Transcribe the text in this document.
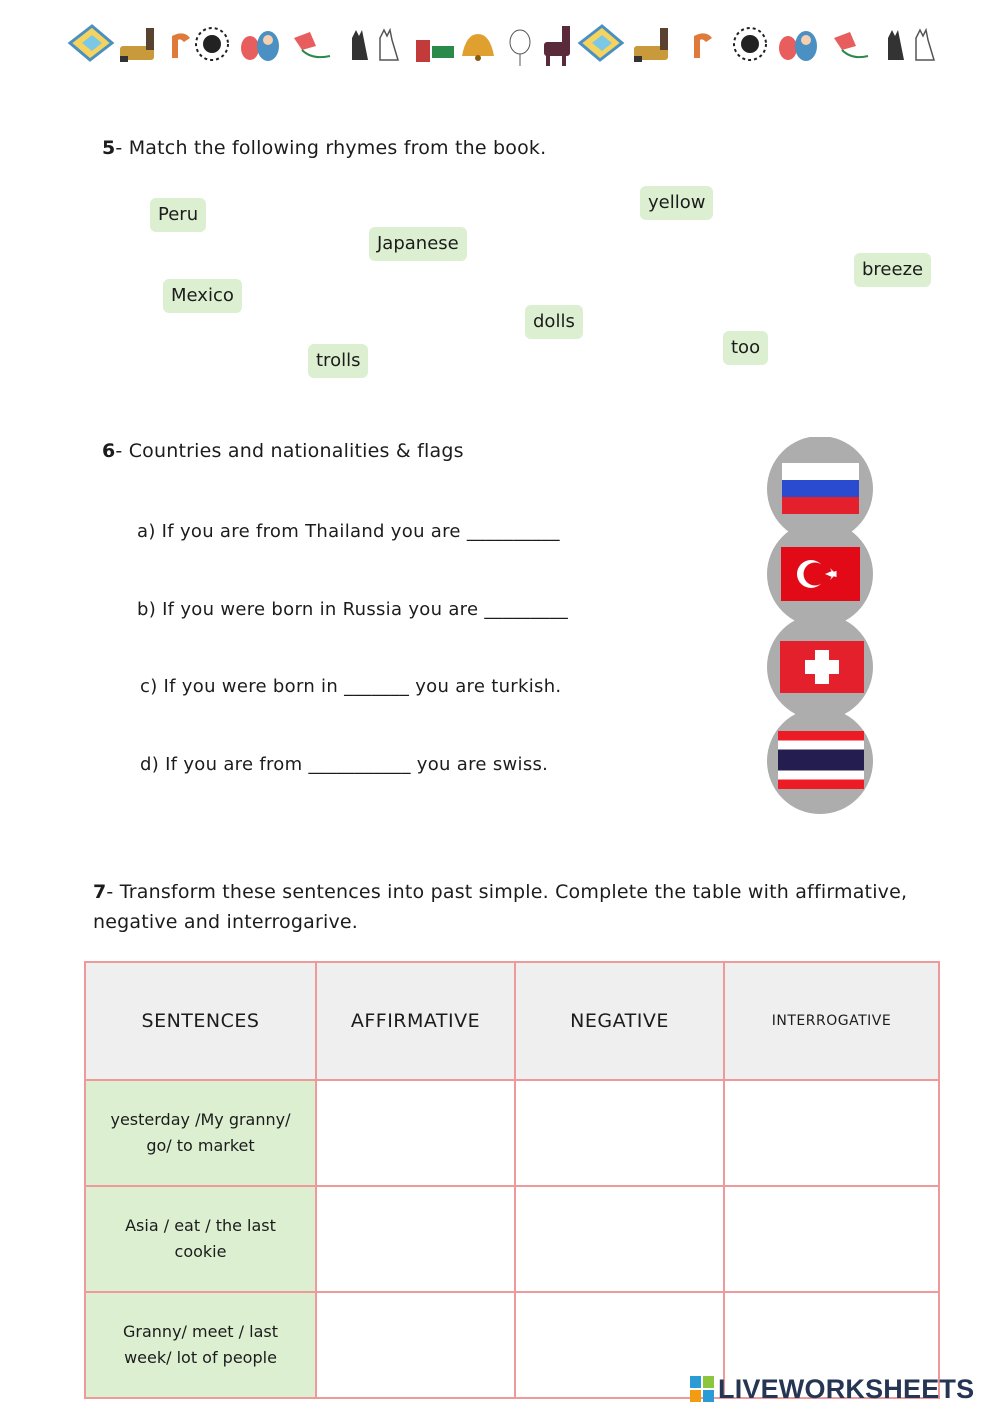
5- Match the following rhymes from the book.
Peru
Japanese
Mexico
trolls
dolls
yellow
too
breeze
6- Countries and nationalities & flags
a) If you are from Thailand you are __________
b) If you were born in Russia you are _________
c) If you were born in _______ you are turkish.
d) If you are from ___________ you are swiss.
7- Transform these sentences into past simple. Complete the table with affirmative,
negative and interrogarive.
SENTENCES	AFFIRMATIVE	NEGATIVE	INTERROGATIVE

yesterday /My granny/
go/ to market			

Asia / eat / the last
cookie			

Granny/ meet / last
week/ lot of people			

LIVEWORKSHEETS
